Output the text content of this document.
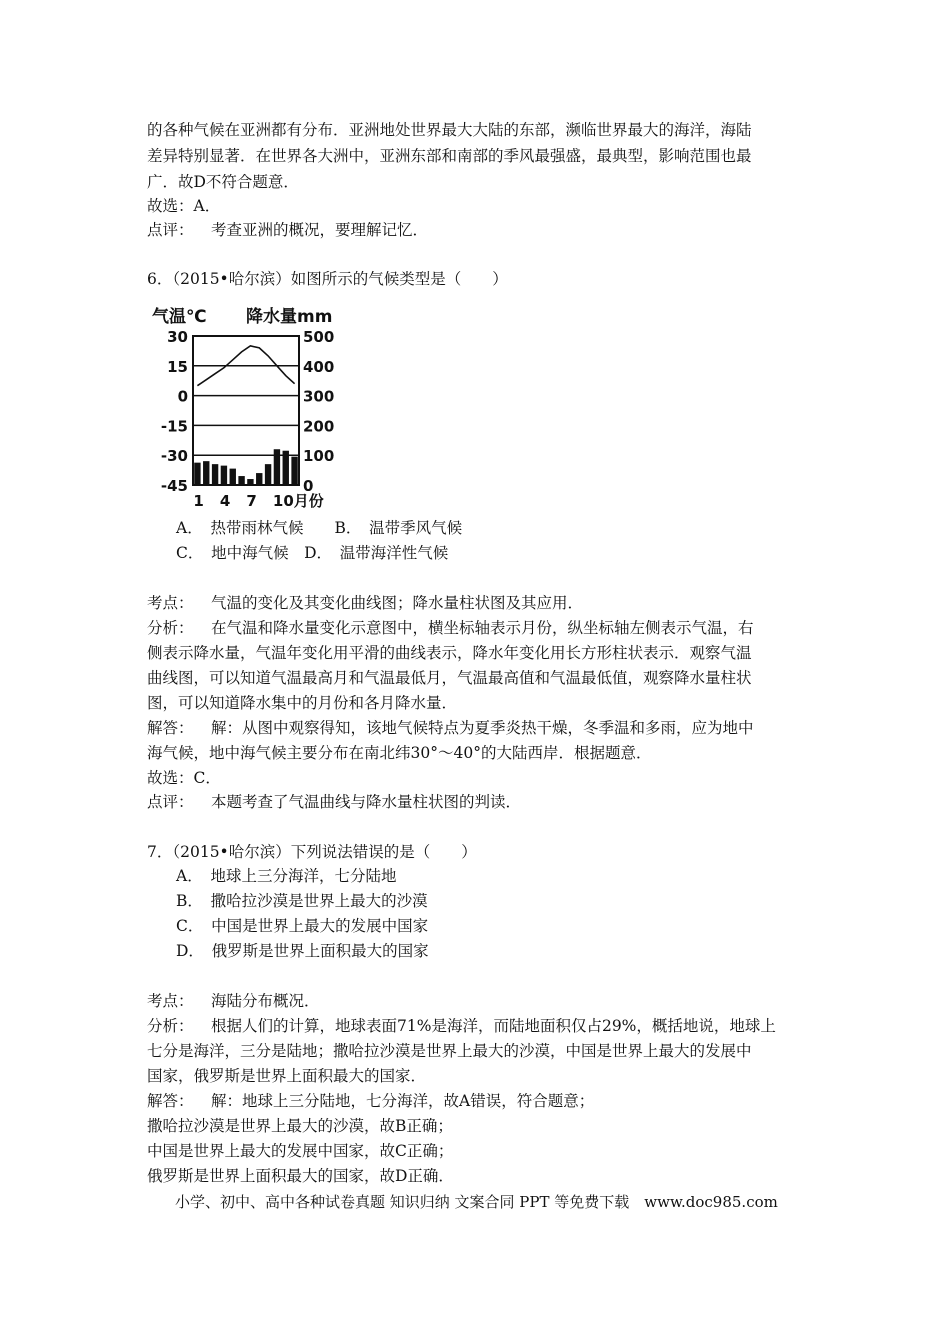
的各种气候在亚洲都有分布．亚洲地处世界最大大陆的东部，濒临世界最大的海洋，海陆
差异特别显著．在世界各大洲中，亚洲东部和南部的季风最强盛，最典型，影响范围也最
广．故D不符合题意．
故选：A．
点评： 考查亚洲的概况，要理解记忆．
6．（2015•哈尔滨）如图所示的气候类型是（　　）
气温℃ 降水量mm
30
15
0
-15
-30
-45
500
400
300
200
100
0
1 4 7 10月份
A．　热带雨林气候　　B．　温带季风气候
C．　地中海气候　D．　温带海洋性气候
考点： 气温的变化及其变化曲线图；降水量柱状图及其应用．
分析： 在气温和降水量变化示意图中，横坐标轴表示月份，纵坐标轴左侧表示气温，右
侧表示降水量，气温年变化用平滑的曲线表示，降水年变化用长方形柱状表示．观察气温
曲线图，可以知道气温最高月和气温最低月，气温最高值和气温最低值，观察降水量柱状
图，可以知道降水集中的月份和各月降水量．
解答： 解：从图中观察得知，该地气候特点为夏季炎热干燥，冬季温和多雨，应为地中
海气候，地中海气候主要分布在南北纬30°～40°的大陆西岸．根据题意．
故选：C．
点评： 本题考查了气温曲线与降水量柱状图的判读．
7．（2015•哈尔滨）下列说法错误的是（　　）
A．　地球上三分海洋，七分陆地
B．　撒哈拉沙漠是世界上最大的沙漠
C．　中国是世界上最大的发展中国家
D．　俄罗斯是世界上面积最大的国家
考点： 海陆分布概况．
分析： 根据人们的计算，地球表面71%是海洋，而陆地面积仅占29%，概括地说，地球上
七分是海洋，三分是陆地；撒哈拉沙漠是世界上最大的沙漠，中国是世界上最大的发展中
国家，俄罗斯是世界上面积最大的国家．
解答： 解：地球上三分陆地，七分海洋，故A错误，符合题意；
撒哈拉沙漠是世界上最大的沙漠，故B正确；
中国是世界上最大的发展中国家，故C正确；
俄罗斯是世界上面积最大的国家，故D正确．
小学、初中、高中各种试卷真题 知识归纳 文案合同 PPT 等免费下载　www.doc985.com
